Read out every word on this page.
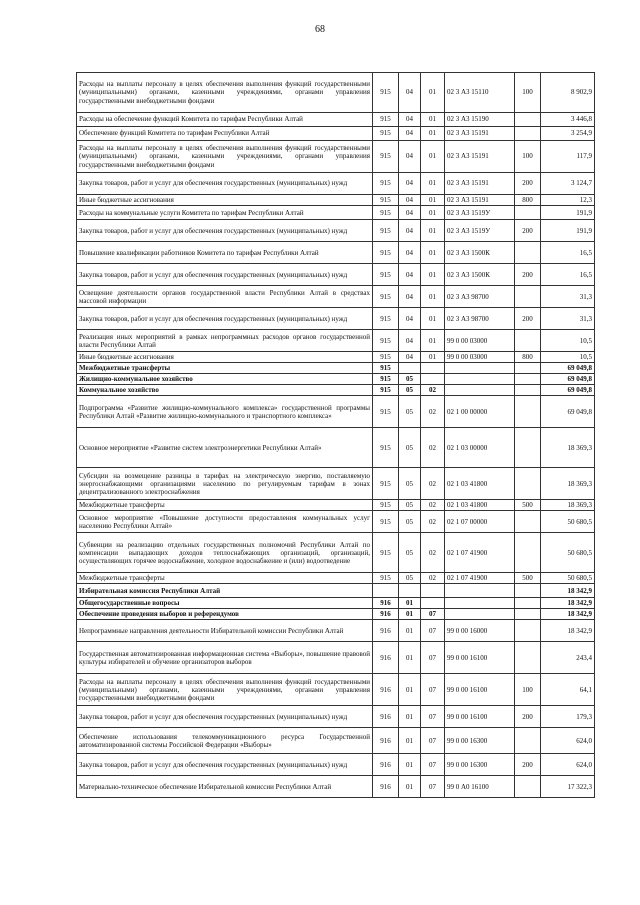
68
Расходы на выплаты персоналу в целях обеспечения выполнения функций государственными (муниципальными) органами, казенными учреждениями, органами управления государственными внебюджетными фондами	915	04	01	02 3 А3 15110	100	8 902,9
Расходы на обеспечение функций Комитета по тарифам Республики Алтай	915	04	01	02 3 А3 15190		3 446,8
Обеспечение функций Комитета по тарифам Республики Алтай	915	04	01	02 3 А3 15191		3 254,9
Расходы на выплаты персоналу в целях обеспечения выполнения функций государственными (муниципальными) органами, казенными учреждениями, органами управления государственными внебюджетными фондами	915	04	01	02 3 А3 15191	100	117,9
Закупка товаров, работ и услуг для обеспечения государственных (муниципальных) нужд	915	04	01	02 3 А3 15191	200	3 124,7
Иные бюджетные ассигнования	915	04	01	02 3 А3 15191	800	12,3
Расходы на коммунальные услуги Комитета по тарифам Республики Алтай	915	04	01	02 3 А3 1519У		191,9
Закупка товаров, работ и услуг для обеспечения государственных (муниципальных) нужд	915	04	01	02 3 А3 1519У	200	191,9
Повышение квалификации работников Комитета по тарифам Республики Алтай	915	04	01	02 3 А3 1500К		16,5
Закупка товаров, работ и услуг для обеспечения государственных (муниципальных) нужд	915	04	01	02 3 А3 1500К	200	16,5
Освещение деятельности органов государственной власти Республики Алтай в средствах массовой информации	915	04	01	02 3 А3 98700		31,3
Закупка товаров, работ и услуг для обеспечения государственных (муниципальных) нужд	915	04	01	02 3 А3 98700	200	31,3
Реализация иных мероприятий в рамках непрограммных расходов органов государственной власти Республики Алтай	915	04	01	99 0 00 03000		10,5
Иные бюджетные ассигнования	915	04	01	99 0 00 03000	800	10,5
Межбюджетные трансферты	915					69 049,8
Жилищно-коммунальное хозяйство	915	05				69 049,8
Коммунальное хозяйство	915	05	02			69 049,8
Подпрограмма «Развитие жилищно-коммунального комплекса» государственной программы Республики Алтай «Развитие жилищно-коммунального и транспортного комплекса»	915	05	02	02 1 00 00000		69 049,8
Основное мероприятие «Развитие систем электроэнергетики Республики Алтай»	915	05	02	02 1 03 00000		18 369,3
Субсидии на возмещение разницы в тарифах на электрическую энергию, поставляемую энергоснабжающими организациями населению по регулируемым тарифам в зонах децентрализованного электроснабжения	915	05	02	02 1 03 41800		18 369,3
Межбюджетные трансферты	915	05	02	02 1 03 41800	500	18 369,3
Основное мероприятие «Повышение доступности предоставления коммунальных услуг населению Республики Алтай»	915	05	02	02 1 07 00000		50 680,5
Субвенции на реализацию отдельных государственных полномочий Республики Алтай по компенсации выпадающих доходов теплоснабжающих организаций, организаций, осуществляющих горячее водоснабжение, холодное водоснабжение и (или) водоотведение	915	05	02	02 1 07 41900		50 680,5
Межбюджетные трансферты	915	05	02	02 1 07 41900	500	50 680,5
Избирательная комиссия Республики Алтай						18 342,9
Общегосударственные вопросы	916	01				18 342,9
Обеспечение проведения выборов и референдумов	916	01	07			18 342,9
Непрограммные направления деятельности Избирательной комиссии Республики Алтай	916	01	07	99 0 00 16000		18 342,9
Государственная автоматизированная информационная система «Выборы», повышение правовой культуры избирателей и обучение организаторов выборов	916	01	07	99 0 00 16100		243,4
Расходы на выплаты персоналу в целях обеспечения выполнения функций государственными (муниципальными) органами, казенными учреждениями, органами управления государственными внебюджетными фондами	916	01	07	99 0 00 16100	100	64,1
Закупка товаров, работ и услуг для обеспечения государственных (муниципальных) нужд	916	01	07	99 0 00 16100	200	179,3
Обеспечение использования телекоммуникационного ресурса Государственной автоматизированной системы Российской Федерации «Выборы»	916	01	07	99 0 00 16300		624,0
Закупка товаров, работ и услуг для обеспечения государственных (муниципальных) нужд	916	01	07	99 0 00 16300	200	624,0
Материально-техническое обеспечение Избирательной комиссии Республики Алтай	916	01	07	99 0 А0 16100		17 322,3
